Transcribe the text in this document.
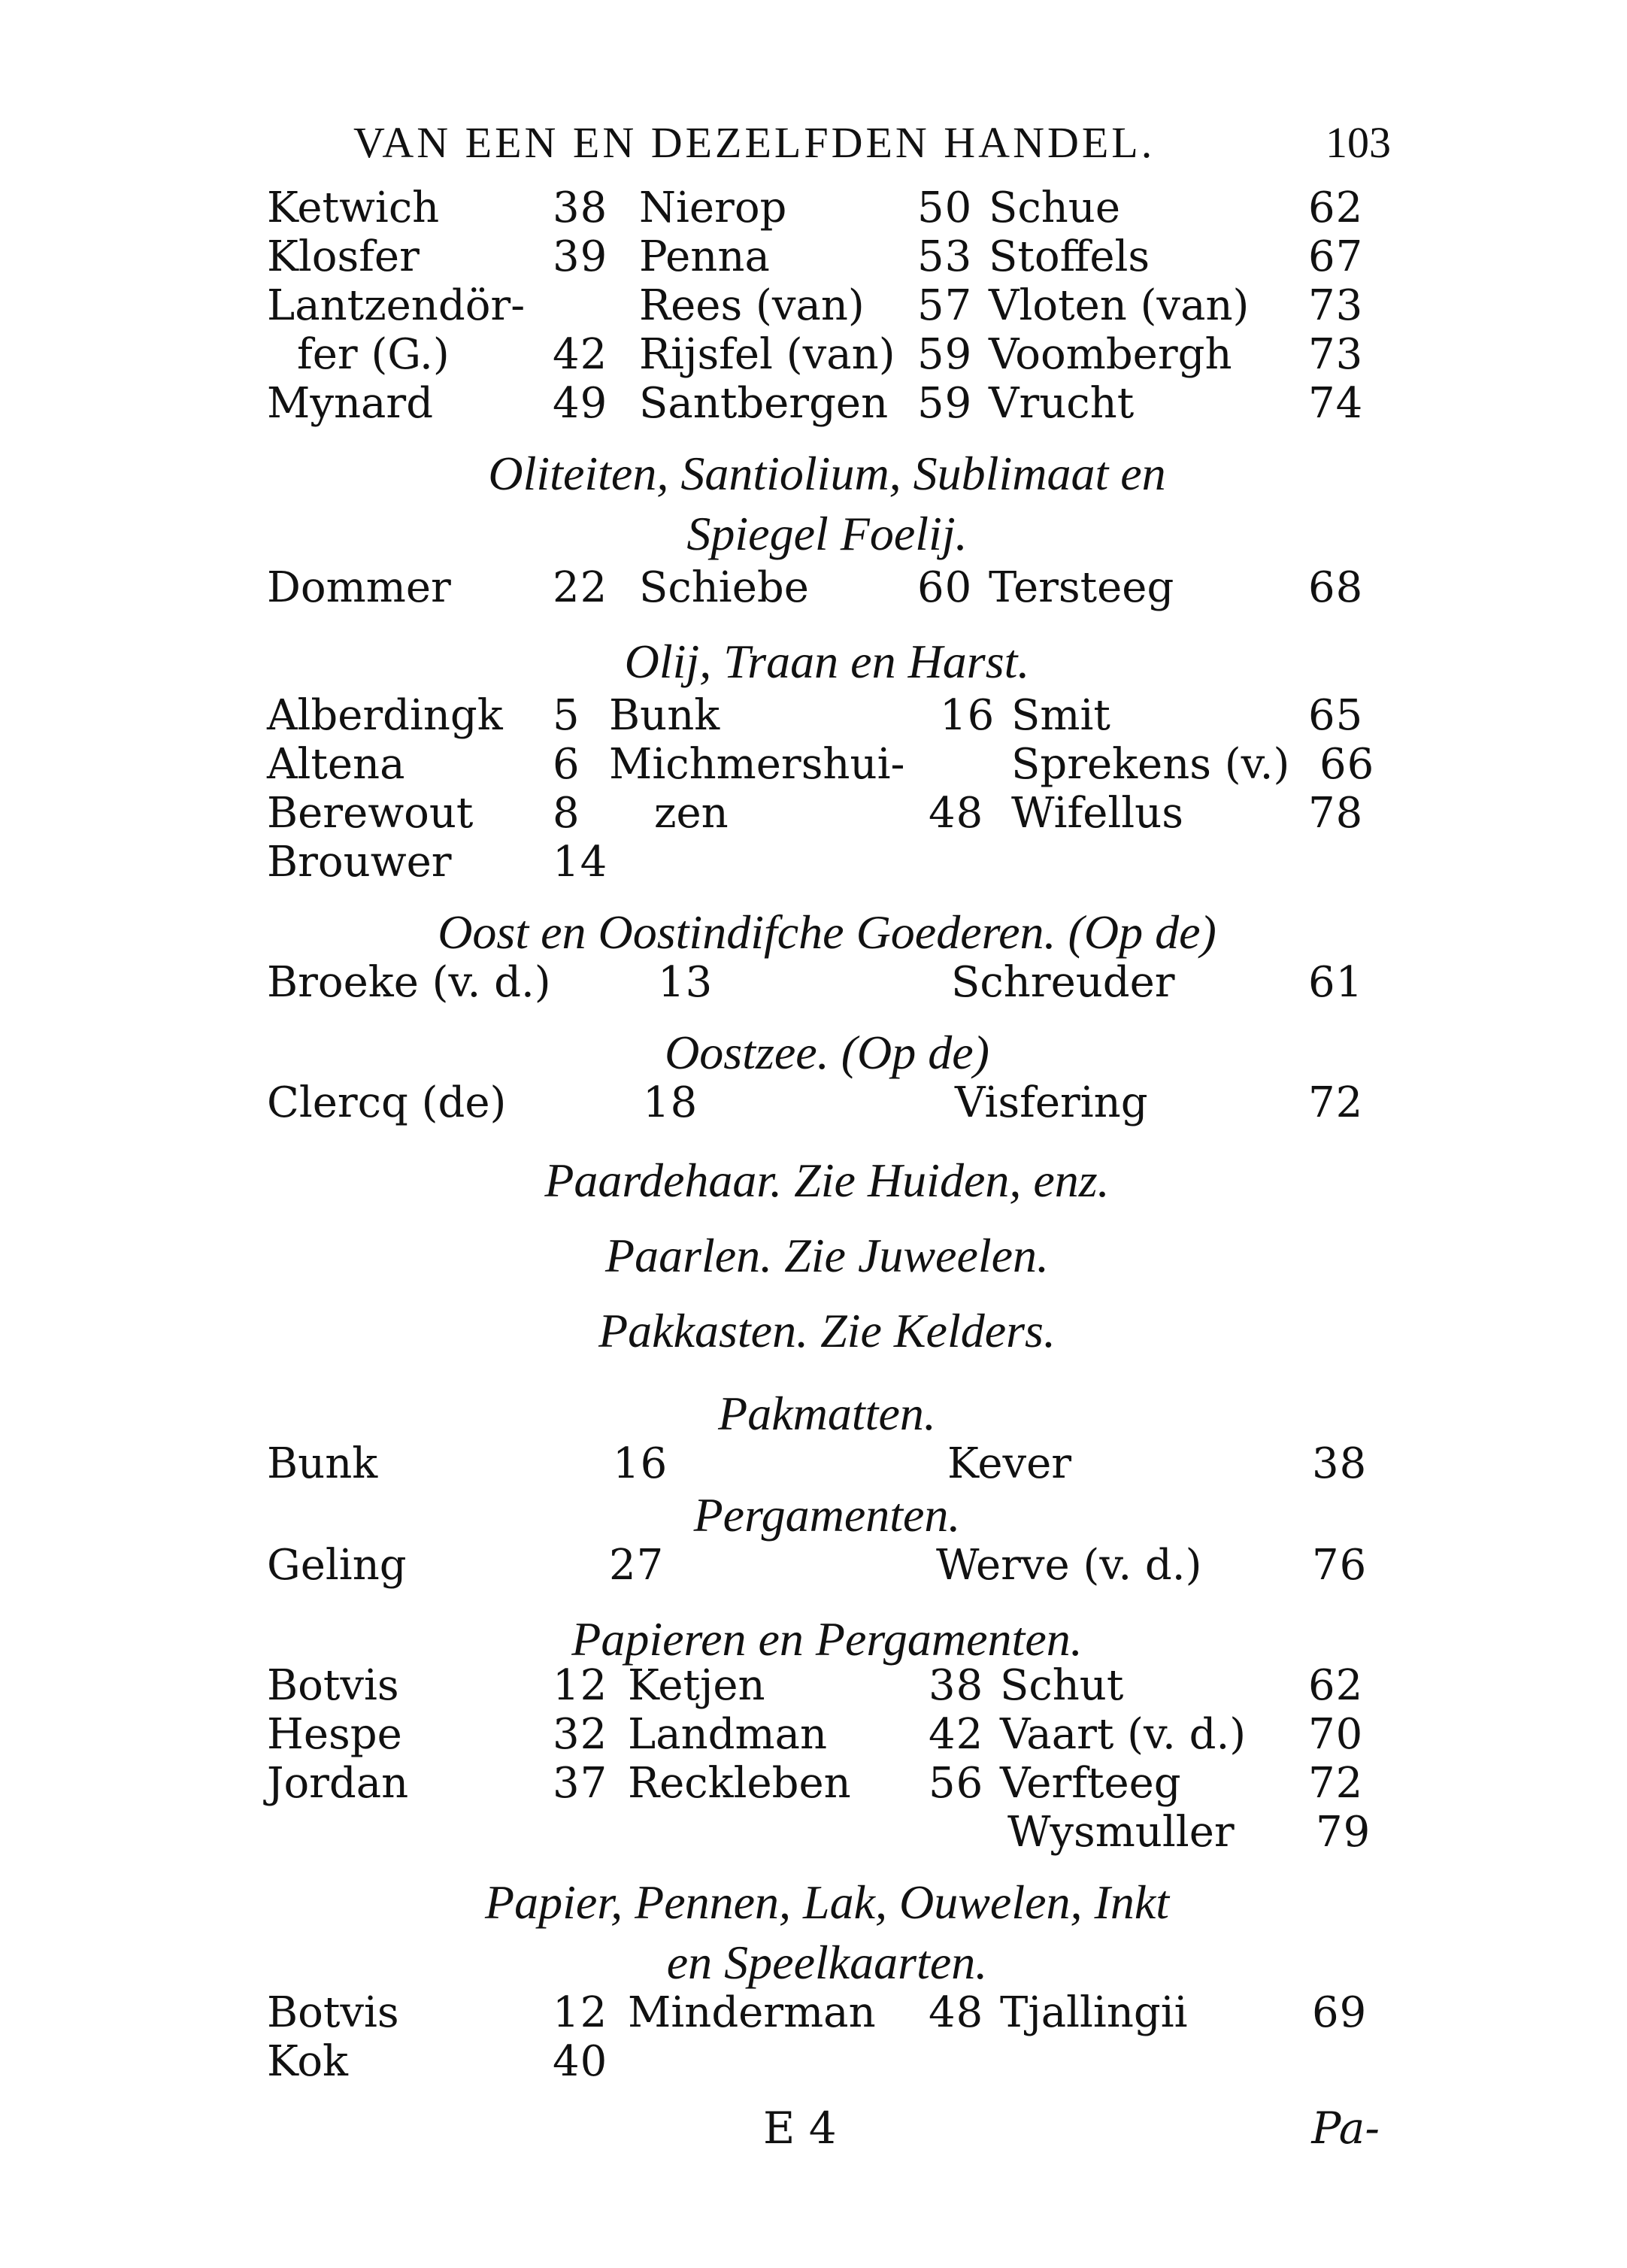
VAN EEN EN DEZELFDEN HANDEL.	103
Ketwich	38 Nierop	50 Schue	62
Klosfer	39 Penna	53 Stoffels	67
Lantzendör-	Rees (van) 57 Vloten (van) 73
fer (G.) 42 Rijsfel (van) 59 Voombergh 73
Mynard	49 Santbergen 59 Vrucht	74
Oliteiten, Santiolium, Sublimaat en
Spiegel Foelij.
Dommer 22 Schiebe	60 Tersteeg	68
Olij, Traan en Harst.
Alberdingk 5 Bunk	16 Smit	65
Altena	6 Michmershui-	Sprekens (v.) 66
Berewout 8 zen	48 Wifellus	78
Brouwer 14
Oost en Oostindifche Goederen. (Op de)
Broeke (v. d.)	13	Schreuder	61
Oostzee. (Op de)
Clercq (de)	18	Visfering	72
Paardehaar. Zie Huiden, enz.
Paarlen. Zie Juweelen.
Pakkasten. Zie Kelders.
Pakmatten.
Bunk	16	Kever	38
Pergamenten.
Geling	27	Werve (v. d.)	76
Papieren en Pergamenten.
Botvis	12 Ketjen	38 Schut	62
Hespe	32 Landman 42 Vaart (v. d.) 70
Jordan	37 Reckleben 56 Verfteeg	72
Wysmuller 79
Papier, Pennen, Lak, Ouwelen, Inkt
en Speelkaarten.
Botvis	12 Minderman 48 Tjallingii	69
Kok	40
E 4	Pa-
